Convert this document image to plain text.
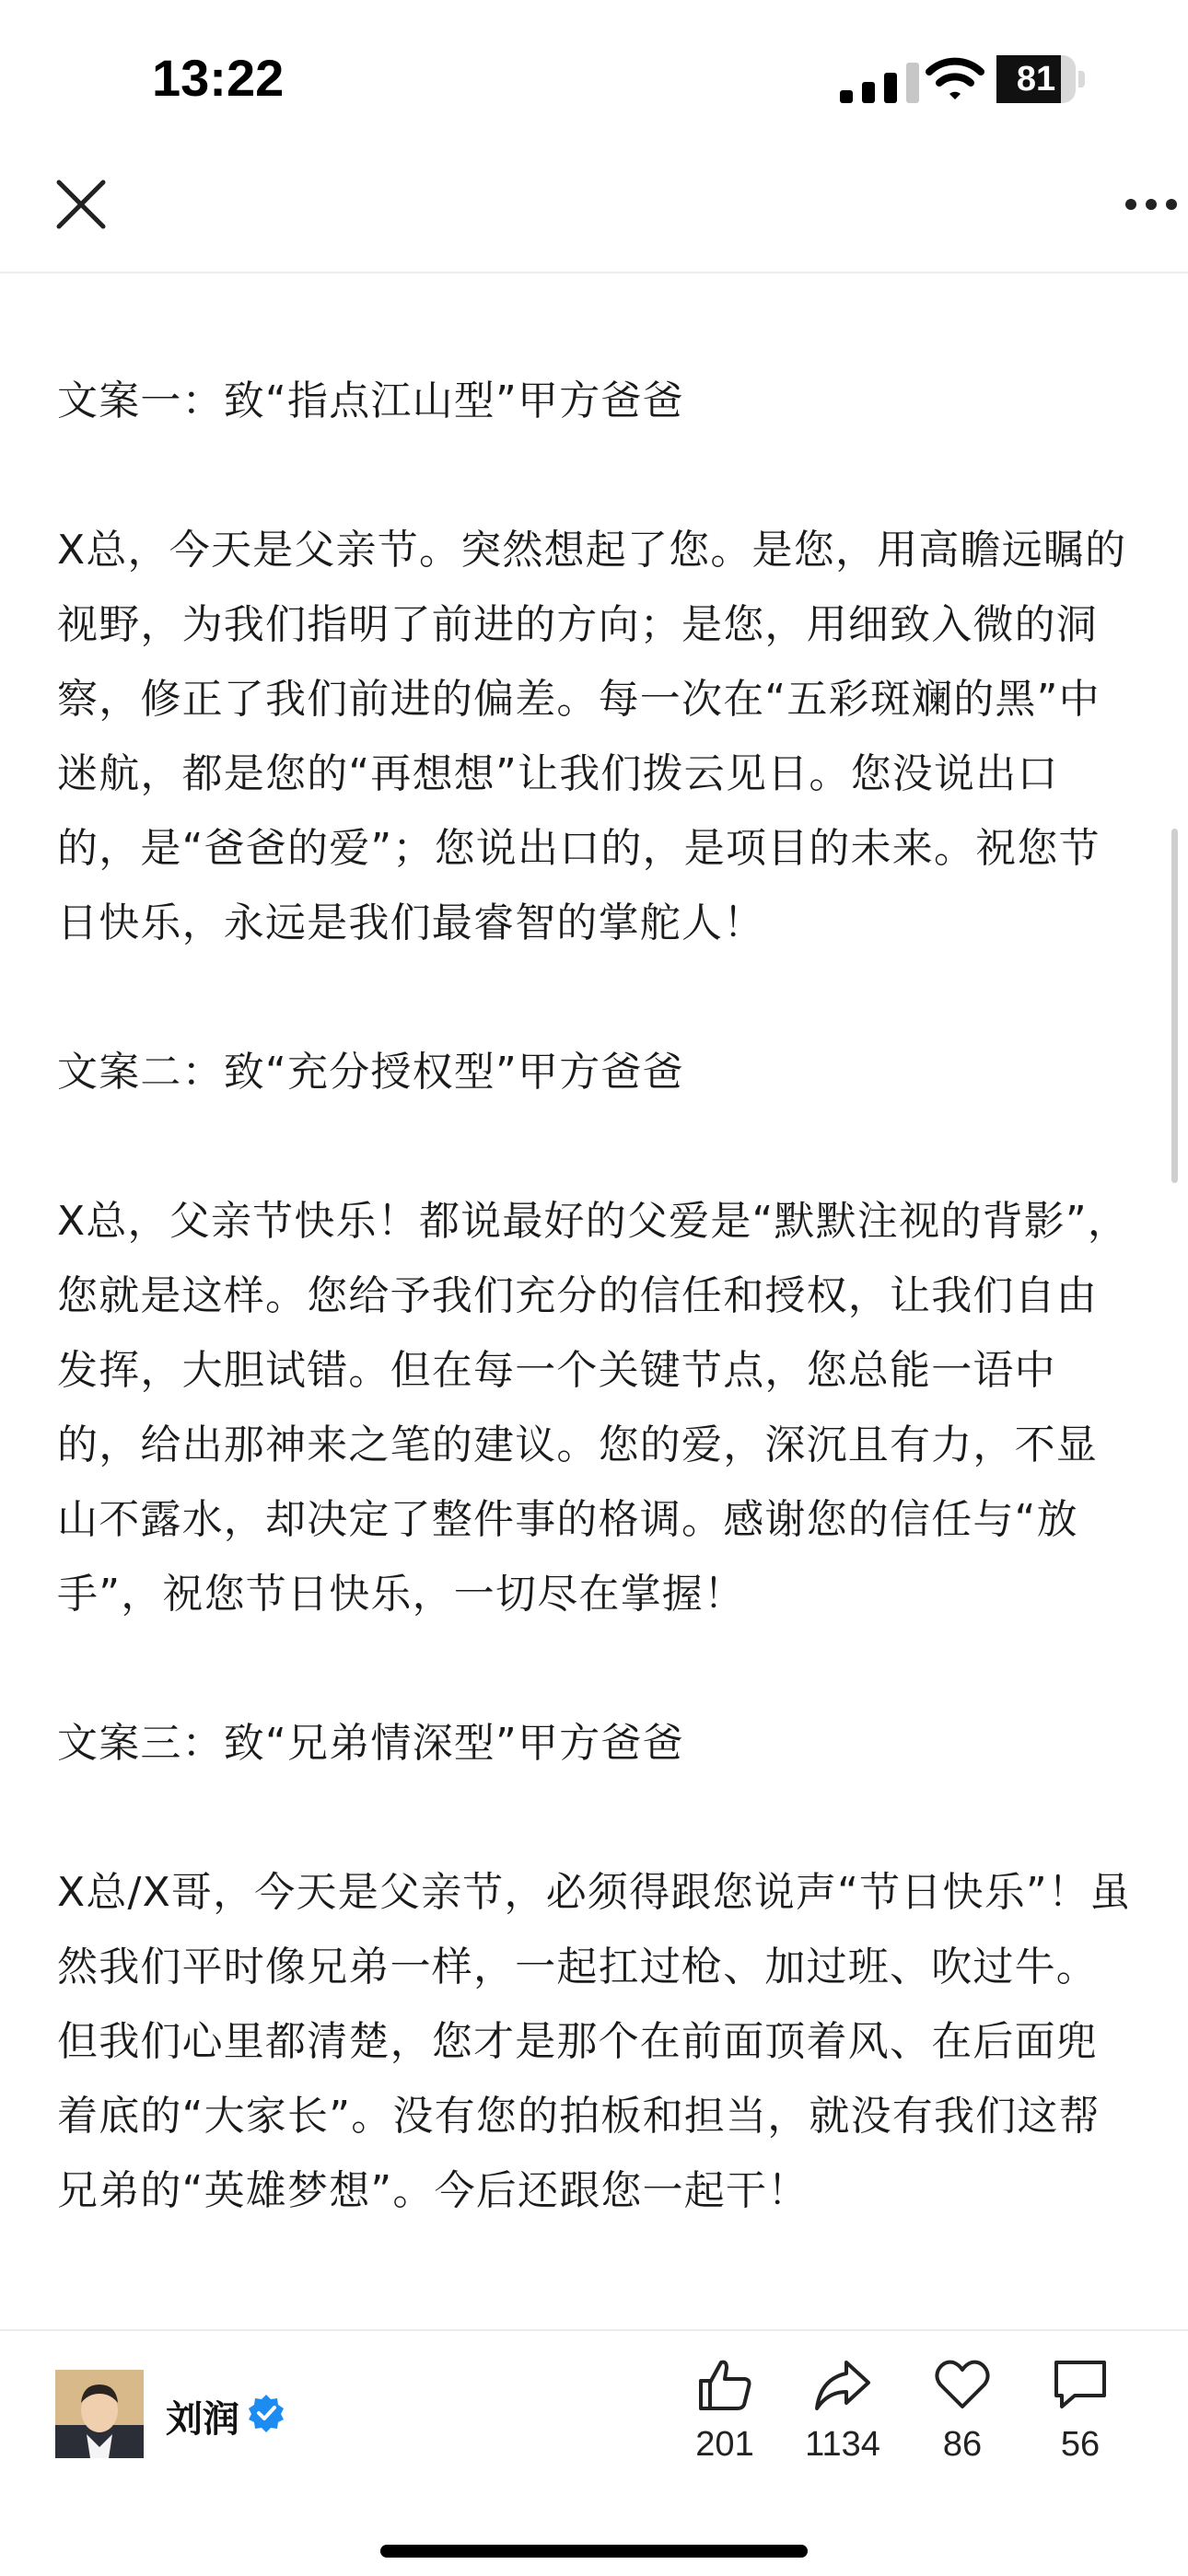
13:22	81

文案一：致“指点江山型”甲方爸爸

X总，今天是父亲节。突然想起了您。是您，用高瞻远瞩的视野，为我们指明了前进的方向；是您，用细致入微的洞察，修正了我们前进的偏差。每一次在“五彩斑斓的黑”中迷航，都是您的“再想想”让我们拨云见日。您没说出口的，是“爸爸的爱”；您说出口的，是项目的未来。祝您节日快乐，永远是我们最睿智的掌舵人！

文案二：致“充分授权型”甲方爸爸

X总，父亲节快乐！都说最好的父爱是“默默注视的背影”，您就是这样。您给予我们充分的信任和授权，让我们自由发挥，大胆试错。但在每一个关键节点，您总能一语中的，给出那神来之笔的建议。您的爱，深沉且有力，不显山不露水，却决定了整件事的格调。感谢您的信任与“放手”，祝您节日快乐，一切尽在掌握！

文案三：致“兄弟情深型”甲方爸爸

X总/X哥，今天是父亲节，必须得跟您说声“节日快乐”！虽然我们平时像兄弟一样，一起扛过枪、加过班、吹过牛。但我们心里都清楚，您才是那个在前面顶着风、在后面兜着底的“大家长”。没有您的拍板和担当，就没有我们这帮兄弟的“英雄梦想”。今后还跟您一起干！

刘润
201	1134	86	56
